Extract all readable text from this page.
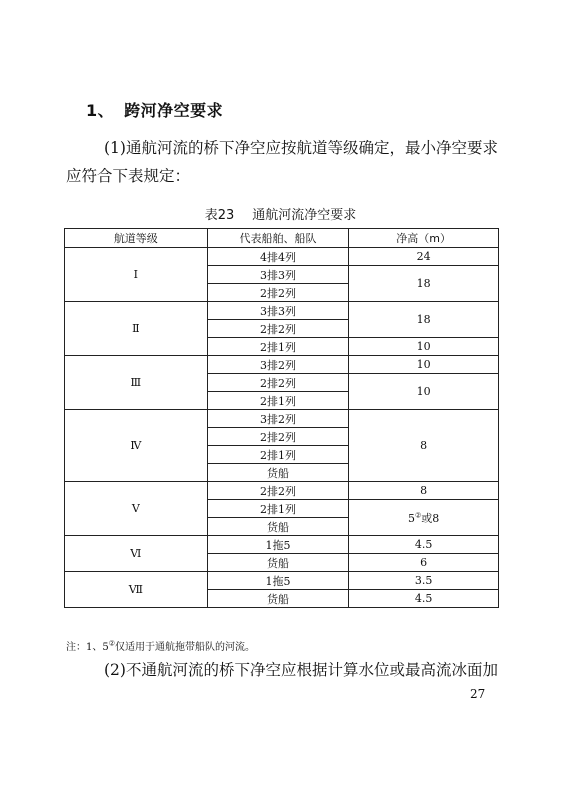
1、 跨河净空要求
(1)通航河流的桥下净空应按航道等级确定，最小净空要求应符合下表规定：
表23 通航河流净空要求
航道等级	代表船舶、船队	净高（m）
Ⅰ	4排4列	24
	3排3列	18
	2排2列	
Ⅱ	3排3列	18
	2排2列	
	2排1列	10
Ⅲ	3排2列	10
	2排2列	10
	2排1列	
Ⅳ	3排2列	8
	2排2列	
	2排1列	
	货船	
Ⅴ	2排2列	8
	2排1列	5②或8
	货船	
Ⅵ	1拖5	4.5
	货船	6
Ⅶ	1拖5	3.5
	货船	4.5
注：1、5②仅适用于通航拖带船队的河流。
(2)不通航河流的桥下净空应根据计算水位或最高流冰面加
27
